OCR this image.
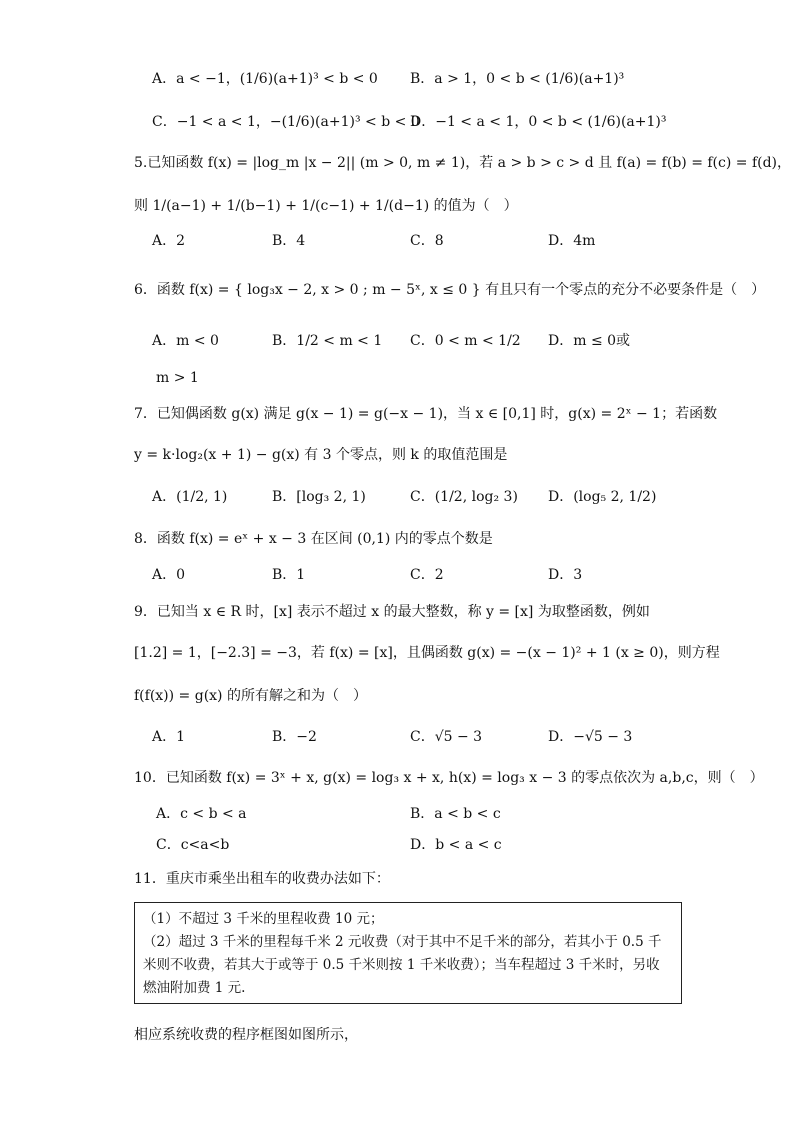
A．a < −1，(1/6)(a+1)³ < b < 0 B．a > 1，0 < b < (1/6)(a+1)³
C．−1 < a < 1，−(1/6)(a+1)³ < b < 0
D．−1 < a < 1，0 < b < (1/6)(a+1)³
5.已知函数 f(x) = |log_m |x − 2|| (m > 0, m ≠ 1)，若 a > b > c > d 且 f(a) = f(b) = f(c) = f(d)，
则 1/(a−1) + 1/(b−1) + 1/(c−1) + 1/(d−1) 的值为（　）
A．2	B．4	C．8	D．4m
6．函数 f(x) = { log₃x − 2, x > 0 ; m − 5ˣ, x ≤ 0 } 有且只有一个零点的充分不必要条件是（　）
A．m < 0	B．1/2 < m < 1 C．0 < m < 1/2 D．m ≤ 0或
m > 1
7．已知偶函数 g(x) 满足 g(x − 1) = g(−x − 1)，当 x ∈ [0,1] 时，g(x) = 2ˣ − 1；若函数
y = k·log₂(x + 1) − g(x) 有 3 个零点，则 k 的取值范围是
A．(1/2, 1)	B．[log₃ 2, 1)	C．(1/2, log₂ 3) D．(log₅ 2, 1/2)
8．函数 f(x) = eˣ + x − 3 在区间 (0,1) 内的零点个数是
A．0	B．1	C．2	D．3
9．已知当 x ∈ R 时，[x] 表示不超过 x 的最大整数，称 y = [x] 为取整函数，例如
[1.2] = 1，[−2.3] = −3，若 f(x) = [x]，且偶函数 g(x) = −(x − 1)² + 1 (x ≥ 0)，则方程
f(f(x)) = g(x) 的所有解之和为（　）
A．1	B．−2	C．√5 − 3	D．−√5 − 3
10．已知函数 f(x) = 3ˣ + x, g(x) = log₃ x + x, h(x) = log₃ x − 3 的零点依次为 a,b,c，则（　）
A．c < b < a	B．a < b < c
C．c<a<b	D．b < a < c
11．重庆市乘坐出租车的收费办法如下：
（1）不超过 3 千米的里程收费 10 元；
（2）超过 3 千米的里程每千米 2 元收费（对于其中不足千米的部分，若其小于 0.5 千米则不收费，若其大于或等于 0.5 千米则按 1 千米收费）；当车程超过 3 千米时，另收燃油附加费 1 元.
相应系统收费的程序框图如图所示，
